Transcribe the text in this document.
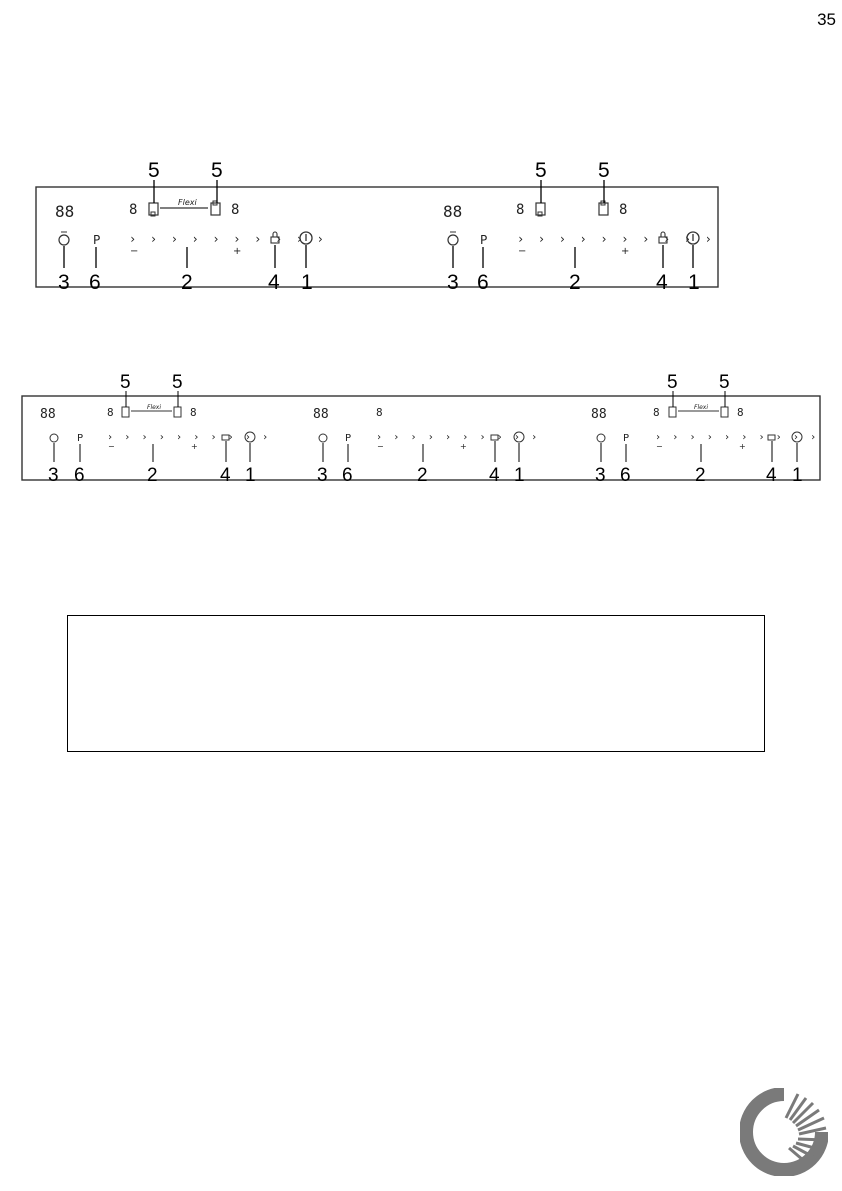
35
88	8	Flexi 8
P › › › › › › › › › ›
−	+
88	8	8
P › › › › › › › › › ›
−	+
5 5	5 5
3 6	2	4 1	3 6	2	4 1
88	8	Flexi	8
P › › › › › › › › › ›
−	+
88	8
P › › › › › › › › › ›
−	+
88	8	Flexi	8
P	› › › › › › › › › ›
−	+
5 5	5 5
3 6	2	4 1	3 6	2	4 1	3 6	2	4 1
